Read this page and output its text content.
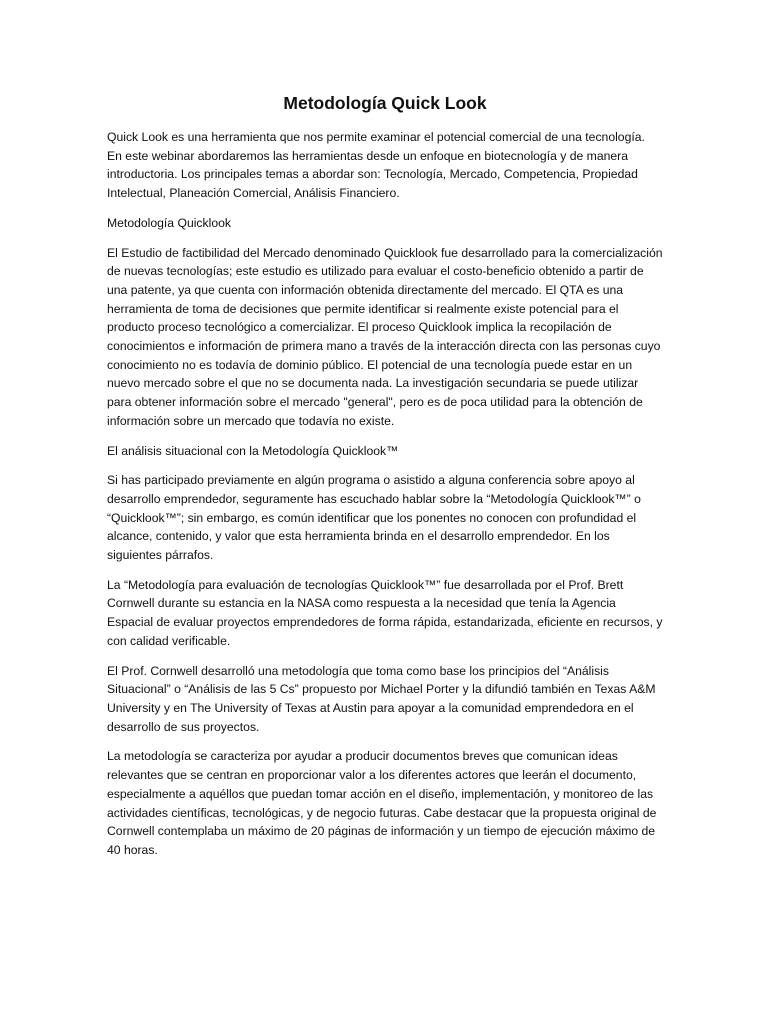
Metodología Quick Look

Quick Look es una herramienta que nos permite examinar el potencial comercial de una tecnología. En este webinar abordaremos las herramientas desde un enfoque en biotecnología y de manera introductoria. Los principales temas a abordar son: Tecnología, Mercado, Competencia, Propiedad Intelectual, Planeación Comercial, Análisis Financiero.

Metodología Quicklook

El Estudio de factibilidad del Mercado denominado Quicklook fue desarrollado para la comercialización de nuevas tecnologías; este estudio es utilizado para evaluar el costo-beneficio obtenido a partir de una patente, ya que cuenta con información obtenida directamente del mercado. El QTA es una herramienta de toma de decisiones que permite identificar si realmente existe potencial para el producto proceso tecnológico a comercializar. El proceso Quicklook implica la recopilación de conocimientos e información de primera mano a través de la interacción directa con las personas cuyo conocimiento no es todavía de dominio público. El potencial de una tecnología puede estar en un nuevo mercado sobre el que no se documenta nada. La investigación secundaria se puede utilizar para obtener información sobre el mercado "general", pero es de poca utilidad para la obtención de información sobre un mercado que todavía no existe.

El análisis situacional con la Metodología Quicklook™

Si has participado previamente en algún programa o asistido a alguna conferencia sobre apoyo al desarrollo emprendedor, seguramente has escuchado hablar sobre la “Metodología Quicklook™” o “Quicklook™”; sin embargo, es común identificar que los ponentes no conocen con profundidad el alcance, contenido, y valor que esta herramienta brinda en el desarrollo emprendedor. En los siguientes párrafos.

La “Metodología para evaluación de tecnologías Quicklook™” fue desarrollada por el Prof. Brett Cornwell durante su estancia en la NASA como respuesta a la necesidad que tenía la Agencia Espacial de evaluar proyectos emprendedores de forma rápida, estandarizada, eficiente en recursos, y con calidad verificable.

El Prof. Cornwell desarrolló una metodología que toma como base los principios del “Análisis Situacional” o “Análisis de las 5 Cs” propuesto por Michael Porter y la difundió también en Texas A&M University y en The University of Texas at Austin para apoyar a la comunidad emprendedora en el desarrollo de sus proyectos.

La metodología se caracteriza por ayudar a producir documentos breves que comunican ideas relevantes que se centran en proporcionar valor a los diferentes actores que leerán el documento, especialmente a aquéllos que puedan tomar acción en el diseño, implementación, y monitoreo de las actividades científicas, tecnológicas, y de negocio futuras. Cabe destacar que la propuesta original de Cornwell contemplaba un máximo de 20 páginas de información y un tiempo de ejecución máximo de 40 horas.
